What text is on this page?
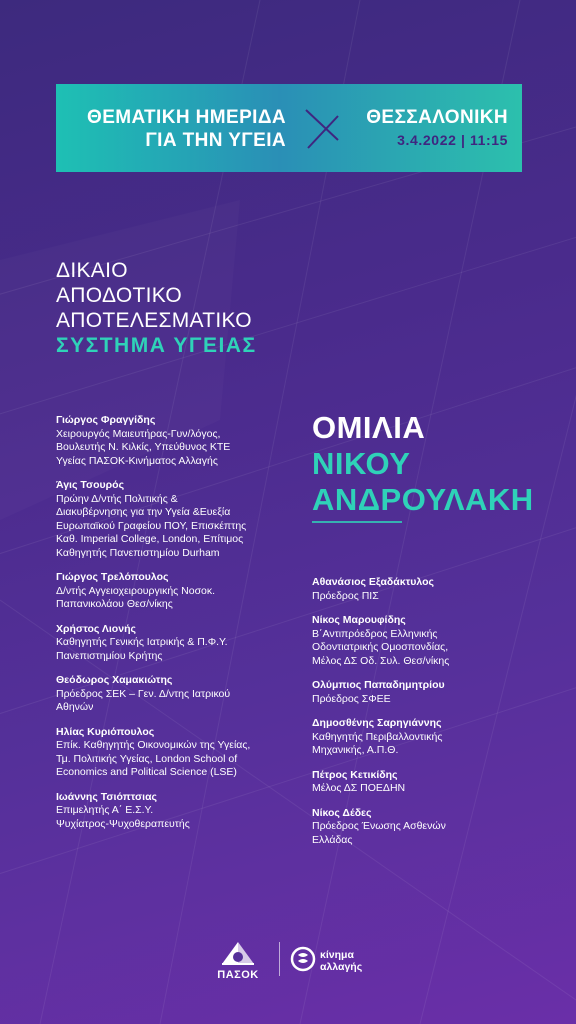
ΘΕΜΑΤΙΚΗ ΗΜΕΡΙΔΑ
ΓΙΑ ΤΗΝ ΥΓΕΙΑ
ΘΕΣΣΑΛΟΝΙΚΗ
3.4.2022 | 11:15
ΔΙΚΑΙΟ
ΑΠΟΔΟΤΙΚΟ
ΑΠΟΤΕΛΕΣΜΑΤΙΚΟ
ΣΥΣΤΗΜΑ ΥΓΕΙΑΣ
Γιώργος Φραγγίδης
Χειρουργός Μαιευτήρας-Γυν/λόγος,
Βουλευτής Ν. Κιλκίς, Υπεύθυνος ΚΤΕ
Υγείας ΠΑΣΟΚ-Κινήματος Αλλαγής
Άγις Τσουρός
Πρώην Δ/ντής Πολιτικής &
Διακυβέρνησης για την Υγεία &Ευεξία
Ευρωπαϊκού Γραφείου ΠΟΥ, Επισκέπτης
Καθ. Imperial College, London, Επίτιμος
Καθηγητής Πανεπιστημίου Durham
Γιώργος Τρελόπουλος
Δ/ντής Αγγειοχειρουργικής Νοσοκ.
Παπανικολάου Θεσ/νίκης
Χρήστος Λιονής
Καθηγητής Γενικής Ιατρικής & Π.Φ.Υ.
Πανεπιστημίου Κρήτης
Θεόδωρος Χαμακιώτης
Πρόεδρος ΣΕΚ – Γεν. Δ/ντης Ιατρικού
Αθηνών
Ηλίας Κυριόπουλος
Επίκ. Καθηγητής Οικονομικών της Υγείας,
Τμ. Πολιτικής Υγείας, London School of
Economics and Political Science (LSE)
Ιωάννης Τσιόπτσιας
Επιμελητής Α΄ Ε.Σ.Υ.
Ψυχίατρος-Ψυχοθεραπευτής
ΟΜΙΛΙΑ
ΝΙΚΟΥ
ΑΝΔΡΟΥΛΑΚΗ
Αθανάσιος Εξαδάκτυλος
Πρόεδρος ΠΙΣ
Νίκος Μαρουφίδης
Β΄Αντιπρόεδρος Ελληνικής
Οδοντιατρικής Ομοσπονδίας,
Μέλος ΔΣ Οδ. Συλ. Θεσ/νίκης
Ολύμπιος Παπαδημητρίου
Πρόεδρος ΣΦΕΕ
Δημοσθένης Σαρηγιάννης
Καθηγητής Περιβαλλοντικής
Μηχανικής, Α.Π.Θ.
Πέτρος Κετικίδης
Μέλος ΔΣ ΠΟΕΔΗΝ
Νίκος Δέδες
Πρόεδρος Ένωσης Ασθενών
Ελλάδας
ΠΑΣΟΚ
κίνημα
αλλαγής
